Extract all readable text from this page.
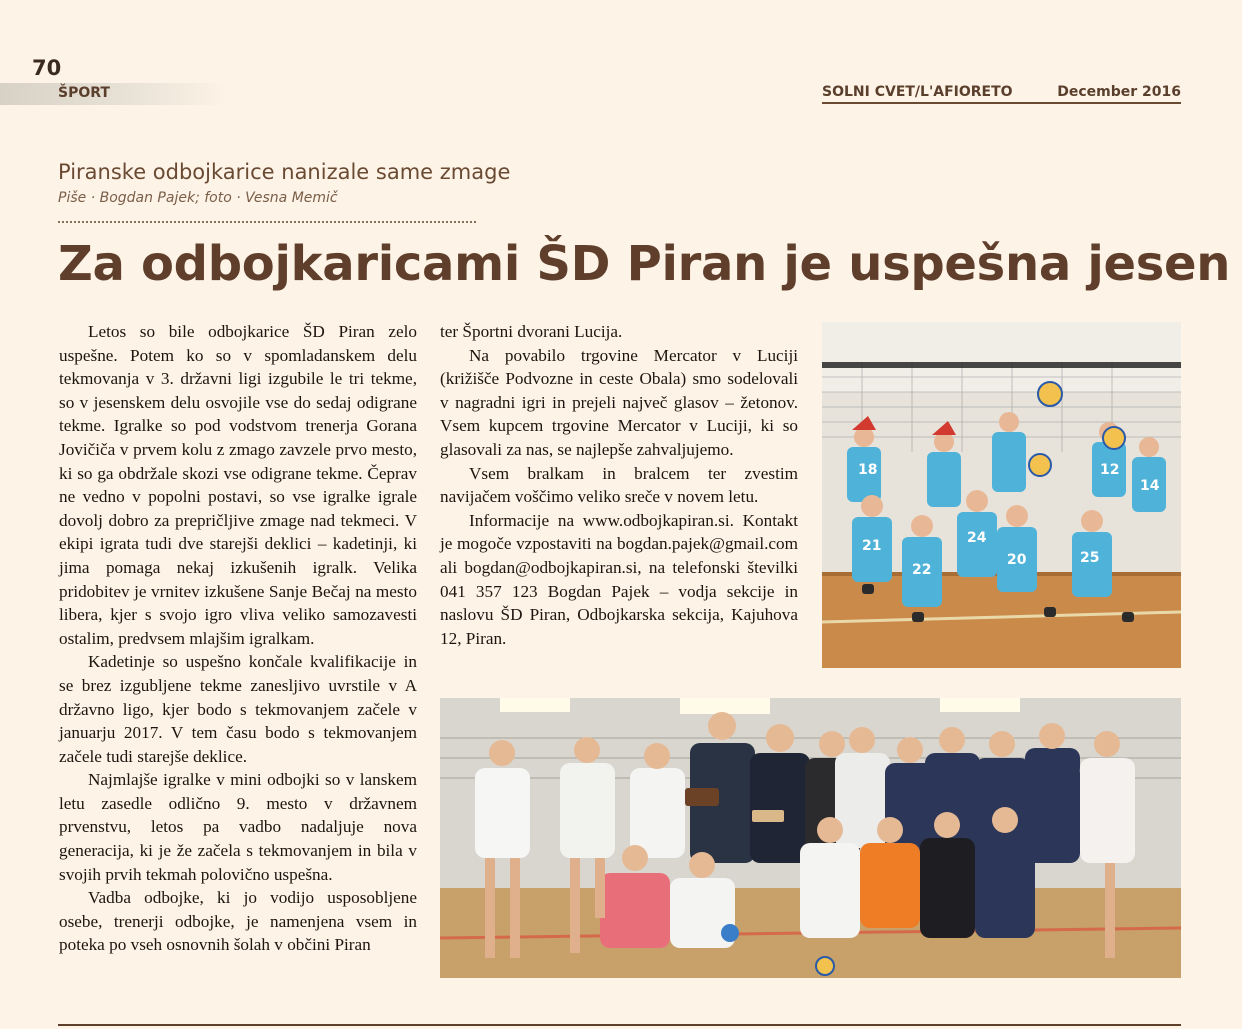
70
ŠPORT	SOLNI CVET/L'AFIORETO	December 2016
Piranske odbojkarice nanizale same zmage
Piše · Bogdan Pajek; foto · Vesna Memič
Za odbojkaricami ŠD Piran je uspešna jesen

Letos so bile odbojkarice ŠD Piran zelo uspešne. Potem ko so v spomladanskem delu tekmovanja v 3. državni ligi izgubile le tri tekme, so v jesenskem delu osvojile vse do sedaj odigrane tekme. Igralke so pod vodstvom trenerja Gorana Jovičiča v prvem kolu z zmago zavzele prvo mesto, ki so ga obdržale skozi vse odigrane tekme. Čeprav ne vedno v popolni postavi, so vse igralke igrale dovolj dobro za prepričljive zmage nad tekmeci. V ekipi igrata tudi dve starejši deklici – kadetinji, ki jima pomaga nekaj izkušenih igralk. Velika pridobitev je vrnitev izkušene Sanje Bečaj na mesto libera, kjer s svojo igro vliva veliko samozavesti ostalim, predvsem mlajšim igralkam.

Kadetinje so uspešno končale kvalifikacije in se brez izgubljene tekme zanesljivo uvrstile v A državno ligo, kjer bodo s tekmovanjem začele v januarju 2017. V tem času bodo s tekmovanjem začele tudi starejše deklice.

Najmlajše igralke v mini odbojki so v lanskem letu zasedle odlično 9. mesto v državnem prvenstvu, letos pa vadbo nadaljuje nova generacija, ki je že začela s tekmovanjem in bila v svojih prvih tekmah polovično uspešna.

Vadba odbojke, ki jo vodijo usposobljene osebe, trenerji odbojke, je namenjena vsem in poteka po vseh osnovnih šolah v občini Piran

ter Športni dvorani Lucija.

Na povabilo trgovine Mercator v Luciji (križišče Podvozne in ceste Obala) smo sodelovali v nagradni igri in prejeli največ glasov – žetonov. Vsem kupcem trgovine Mercator v Luciji, ki so glasovali za nas, se najlepše zahvaljujemo.

Vsem bralkam in bralcem ter zvestim navijačem voščimo veliko sreče v novem letu.

Informacije na www.odbojkapiran.si. Kontakt je mogoče vzpostaviti na bogdan.pajek@gmail.com ali bogdan@odbojkapiran.si, na telefonski številki 041 357 123 Bogdan Pajek – vodja sekcije in naslovu ŠD Piran, Odbojkarska sekcija, Kajuhova 12, Piran.

18	12
14
21
22
24
20	25
